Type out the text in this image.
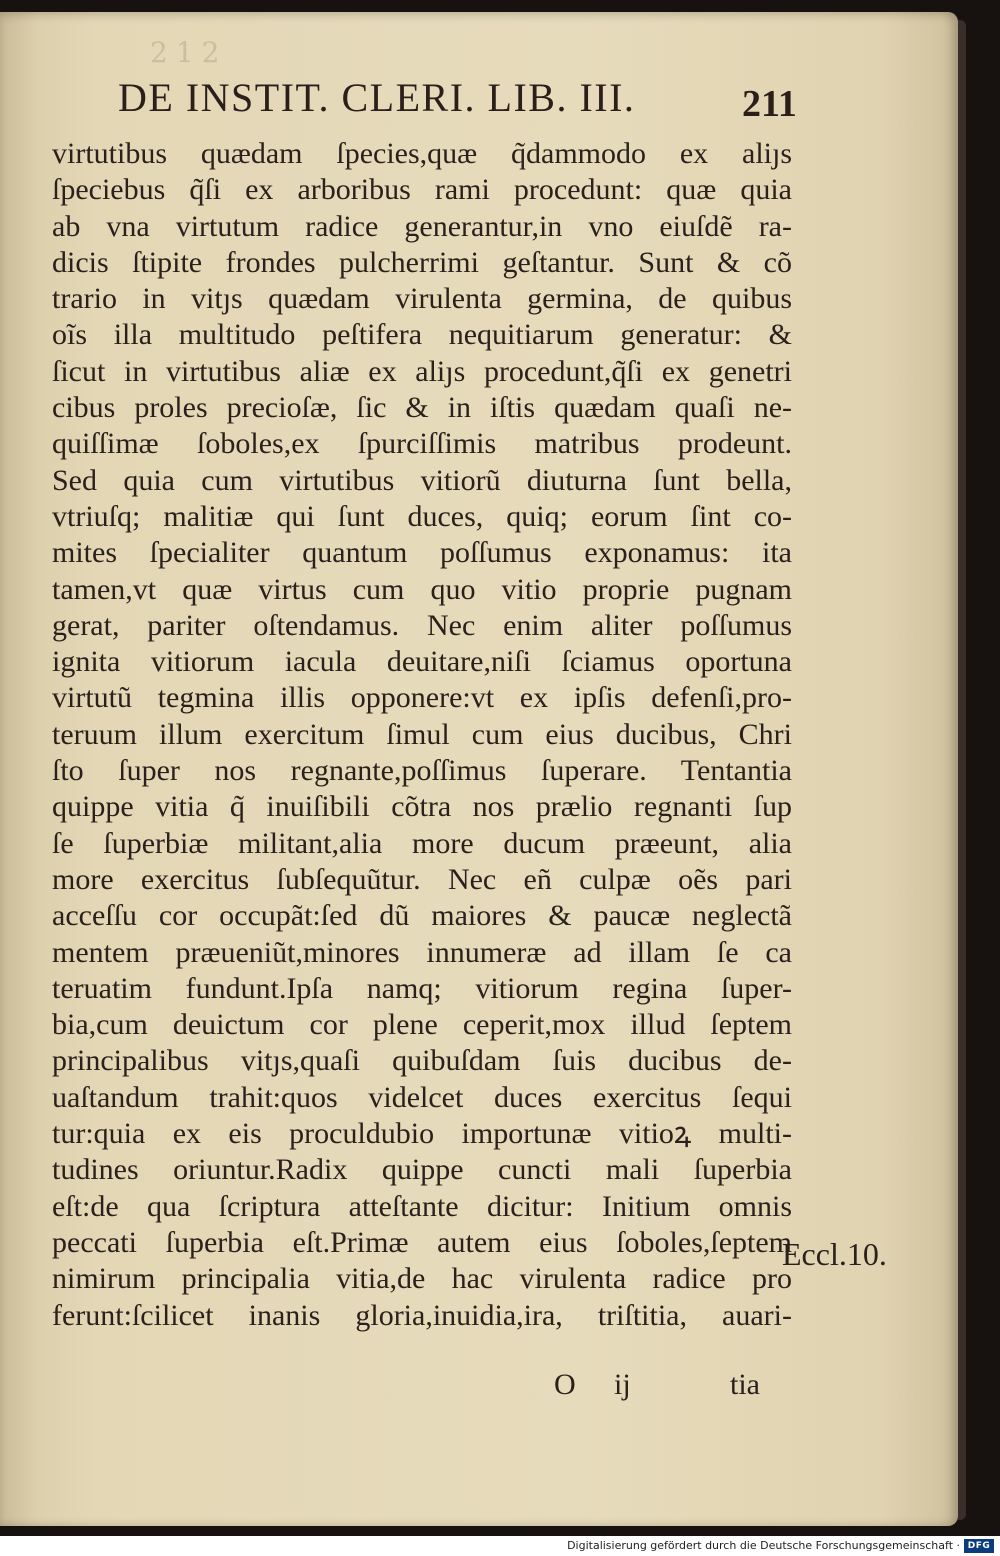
212
DE INSTIT. CLERI. LIB. III.	211
virtutibus quædam ſpecies,quæ q̃dammodo ex aliȷs
ſpeciebus q̃ſi ex arboribus rami procedunt: quæ quia
ab vna virtutum radice generantur,in vno eiuſdẽ ra-
dicis ſtipite frondes pulcherrimi geſtantur. Sunt & cõ
trario in vitȷs quædam virulenta germina, de quibus
oĩs illa multitudo peſtifera nequitiarum generatur: &
ſicut in virtutibus aliæ ex aliȷs procedunt,q̃ſi ex genetri
cibus proles precioſæ, ſic & in iſtis quædam quaſi ne-
quiſſimæ ſoboles,ex ſpurciſſimis matribus prodeunt.
Sed quia cum virtutibus vitiorũ diuturna ſunt bella,
vtriuſq; malitiæ qui ſunt duces, quiq; eorum ſint co-
mites ſpecialiter quantum poſſumus exponamus: ita
tamen,vt quæ virtus cum quo vitio proprie pugnam
gerat, pariter oſtendamus. Nec enim aliter poſſumus
ignita vitiorum iacula deuitare,niſi ſciamus oportuna
virtutũ tegmina illis opponere:vt ex ipſis defenſi,pro-
teruum illum exercitum ſimul cum eius ducibus, Chri
ſto ſuper nos regnante,poſſimus ſuperare. Tentantia
quippe vitia q̃ inuiſibili cõtra nos prælio regnanti ſup
ſe ſuperbiæ militant,alia more ducum præeunt, alia
more exercitus ſubſequũtur. Nec eñ culpæ oẽs pari
acceſſu cor occupãt:ſed dũ maiores & paucæ neglectã
mentem præueniũt,minores innumeræ ad illam ſe ca
teruatim fundunt.Ipſa namq; vitiorum regina ſuper-
bia,cum deuictum cor plene ceperit,mox illud ſeptem
principalibus vitȷs,quaſi quibuſdam ſuis ducibus de-
uaſtandum trahit:quos videlcet duces exercitus ſequi
tur:quia ex eis proculdubio importunæ vitioꝝ multi-
tudines oriuntur.Radix quippe cuncti mali ſuperbia
eſt:de qua ſcriptura atteſtante dicitur: Initium omnis
peccati ſuperbia eſt.Primæ autem eius ſoboles,ſeptem
nimirum principalia vitia,de hac virulenta radice pro
ferunt:ſcilicet inanis gloria,inuidia,ira, triſtitia, auari-
Eccl.10.
O ij	tia
Digitalisierung gefördert durch die Deutsche Forschungsgemeinschaft · DFG
